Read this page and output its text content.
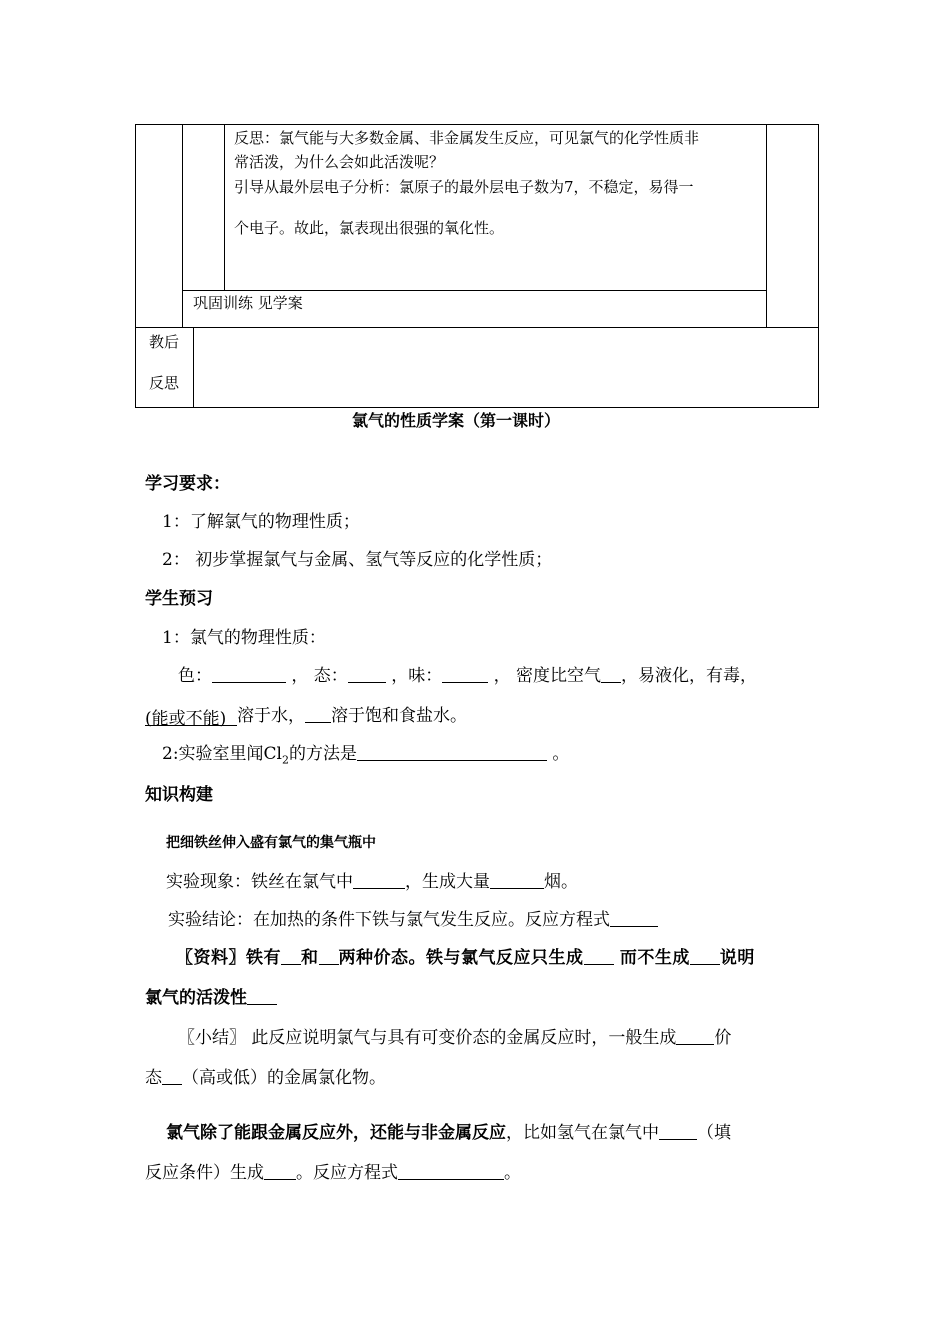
反思：氯气能与大多数金属、非金属发生反应，可见氯气的化学性质非
常活泼，为什么会如此活泼呢？
引导从最外层电子分析：氯原子的最外层电子数为7，不稳定，易得一
个电子。故此，氯表现出很强的氧化性。
巩固训练 见学案
教后
反思
氯气的性质学案（第一课时）
学习要求：
1：了解氯气的物理性质；
2： 初步掌握氯气与金属、氢气等反应的化学性质；
学生预习
1：氯气的物理性质：
色：	， 态：	，味：	， 密度比空气 ，易液化，有毒，
(能或不能) 溶于水， 溶于饱和食盐水。
2:实验室里闻$Cl_2$的方法是	。
知识构建
把细铁丝伸入盛有氯气的集气瓶中
实验现象：铁丝在氯气中	，生成大量	烟。
实验结论：在加热的条件下铁与氯气发生反应。反应方程式
〖资料〗铁有 和 两种价态。铁与氯气反应只生成 而不生成 说明
氯气的活泼性
〖小结〗 此反应说明氯气与具有可变价态的金属反应时，一般生成 价
态 （高或低）的金属氯化物。
氯气除了能跟金属反应外，还能与非金属反应，比如氢气在氯气中 （填
反应条件）生成 。反应方程式	。
